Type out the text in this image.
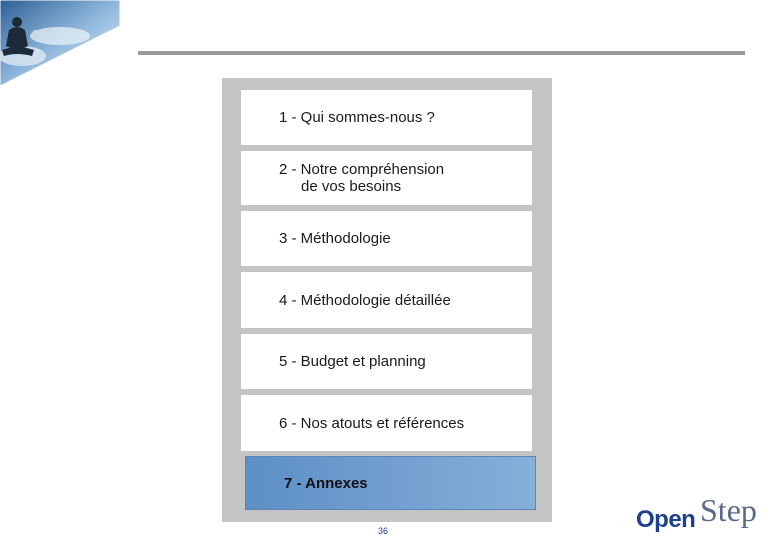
1 - Qui sommes-nous ?
2 - Notre compréhension
de vos besoins
3 - Méthodologie
4 - Méthodologie détaillée
5 - Budget et planning
6 - Nos atouts et références
7 - Annexes
36
Step
Open
